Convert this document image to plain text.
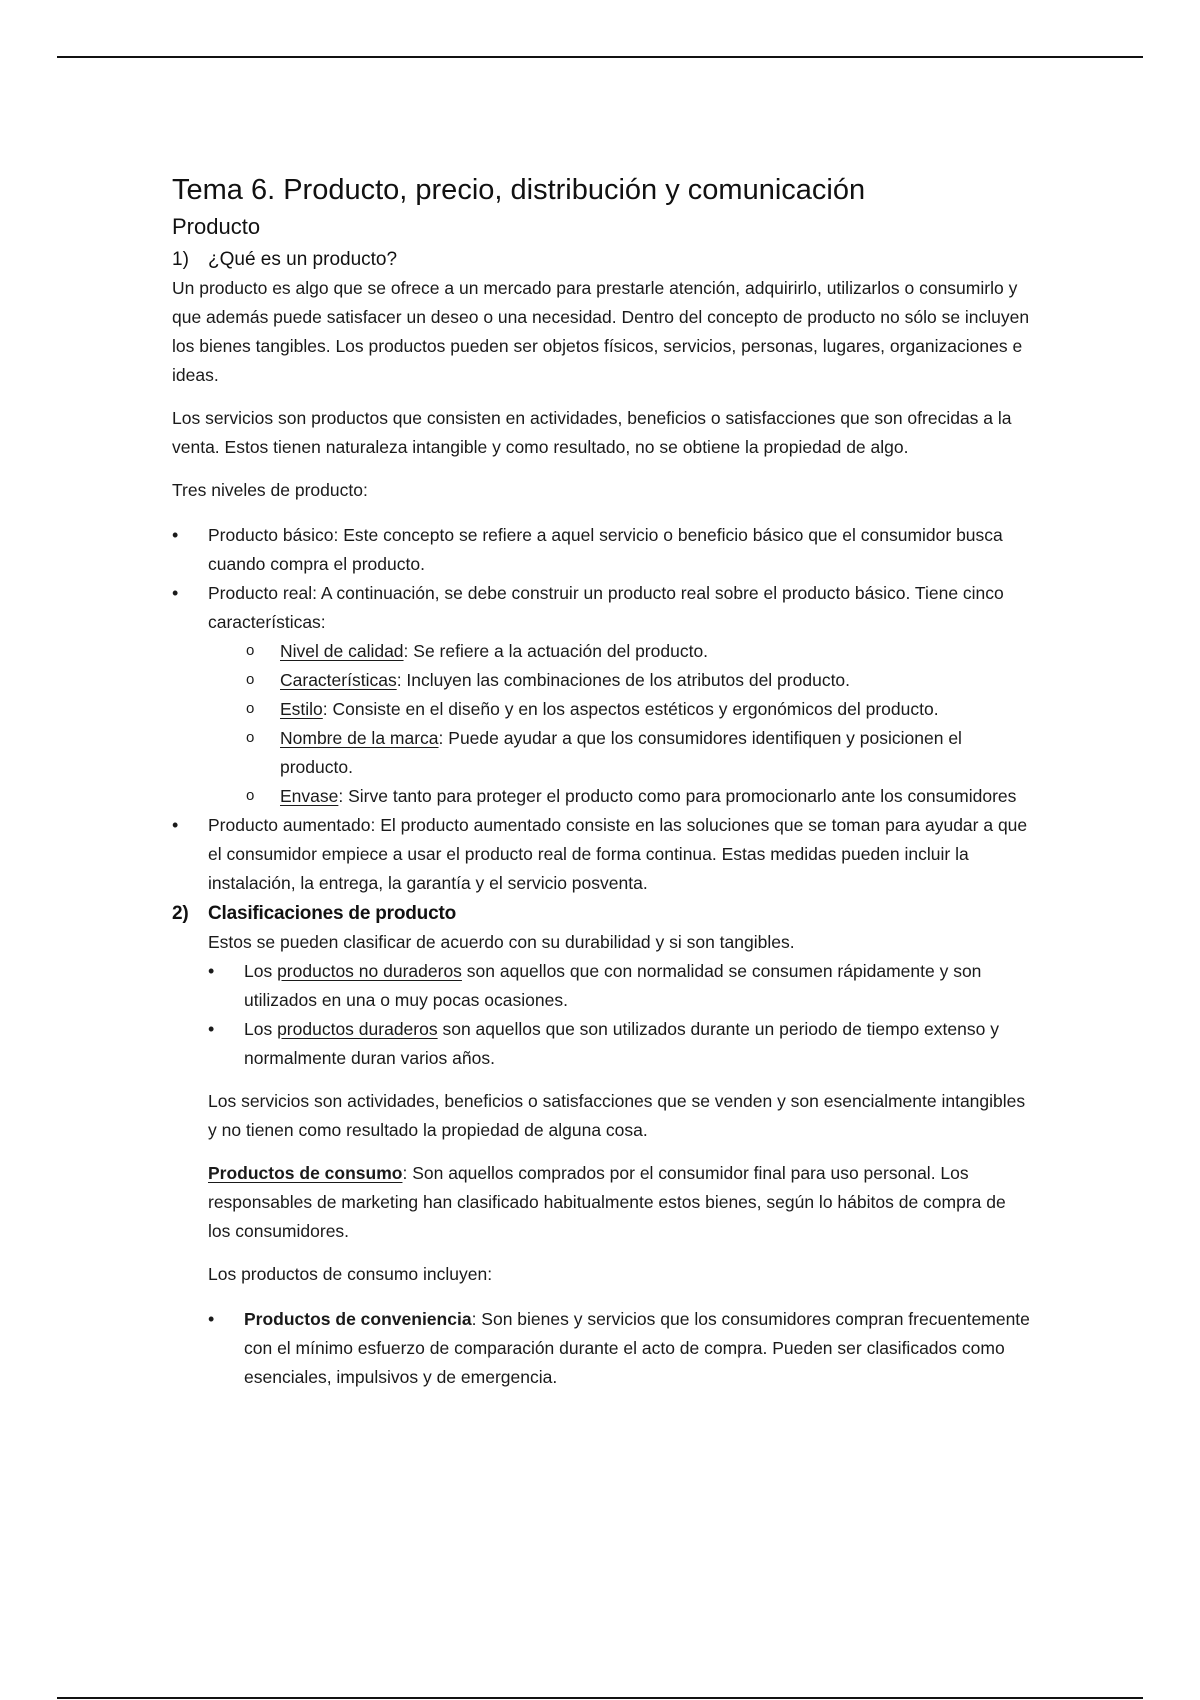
Tema 6. Producto, precio, distribución y comunicación
Producto
1) ¿Qué es un producto?

Un producto es algo que se ofrece a un mercado para prestarle atención, adquirirlo, utilizarlos o consumirlo y que además puede satisfacer un deseo o una necesidad. Dentro del concepto de producto no sólo se incluyen los bienes tangibles. Los productos pueden ser objetos físicos, servicios, personas, lugares, organizaciones e ideas.

Los servicios son productos que consisten en actividades, beneficios o satisfacciones que son ofrecidas a la venta. Estos tienen naturaleza intangible y como resultado, no se obtiene la propiedad de algo.

Tres niveles de producto:

• Producto básico: Este concepto se refiere a aquel servicio o beneficio básico que el consumidor busca cuando compra el producto.
• Producto real: A continuación, se debe construir un producto real sobre el producto básico. Tiene cinco características:
o Nivel de calidad: Se refiere a la actuación del producto.
o Características: Incluyen las combinaciones de los atributos del producto.
o Estilo: Consiste en el diseño y en los aspectos estéticos y ergonómicos del producto.
o Nombre de la marca: Puede ayudar a que los consumidores identifiquen y posicionen el producto.
o Envase: Sirve tanto para proteger el producto como para promocionarlo ante los consumidores
• Producto aumentado: El producto aumentado consiste en las soluciones que se toman para ayudar a que el consumidor empiece a usar el producto real de forma continua. Estas medidas pueden incluir la instalación, la entrega, la garantía y el servicio posventa.
2) Clasificaciones de producto
Estos se pueden clasificar de acuerdo con su durabilidad y si son tangibles.
• Los productos no duraderos son aquellos que con normalidad se consumen rápidamente y son utilizados en una o muy pocas ocasiones.
• Los productos duraderos son aquellos que son utilizados durante un periodo de tiempo extenso y normalmente duran varios años.

Los servicios son actividades, beneficios o satisfacciones que se venden y son esencialmente intangibles y no tienen como resultado la propiedad de alguna cosa.

Productos de consumo: Son aquellos comprados por el consumidor final para uso personal. Los responsables de marketing han clasificado habitualmente estos bienes, según lo hábitos de compra de los consumidores.

Los productos de consumo incluyen:

• Productos de conveniencia: Son bienes y servicios que los consumidores compran frecuentemente con el mínimo esfuerzo de comparación durante el acto de compra. Pueden ser clasificados como esenciales, impulsivos y de emergencia.
